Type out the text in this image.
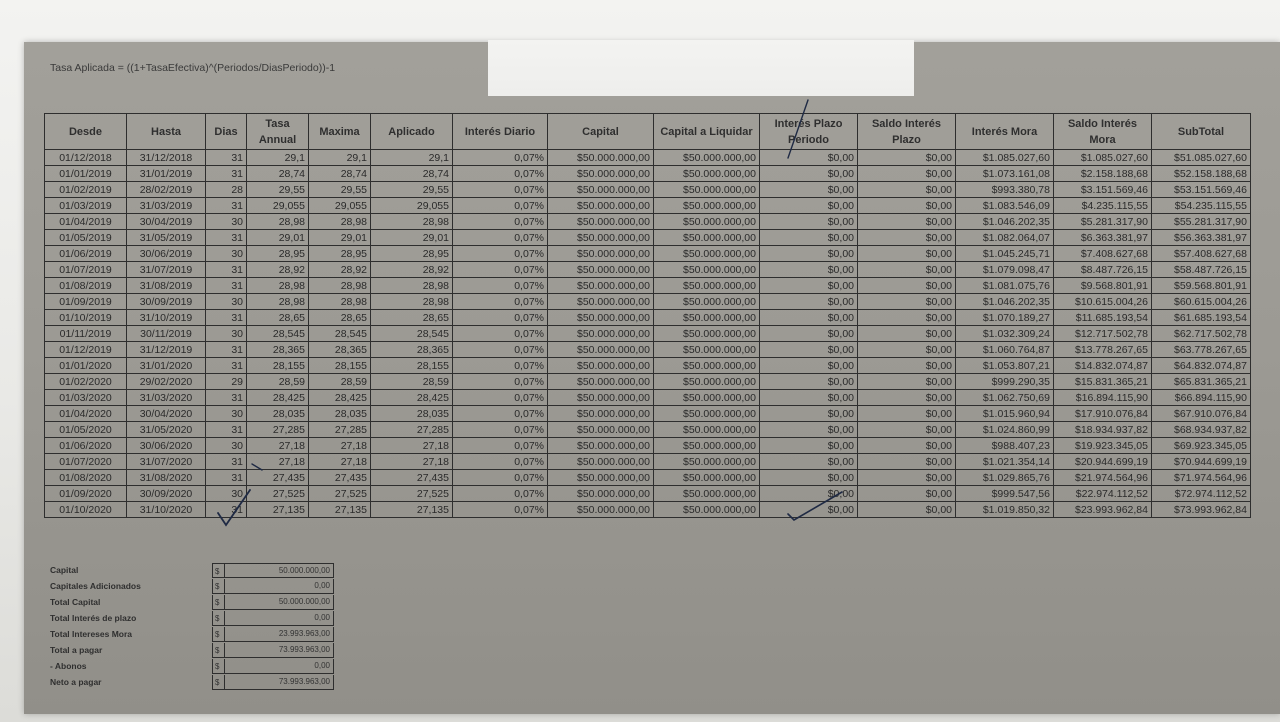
Tasa Aplicada = ((1+TasaEfectiva)^(Periodos/DiasPeriodo))-1
Desde	Hasta	Dias	Tasa Annual	Maxima	Aplicado	Interés Diario	Capital	Capital a Liquidar	Interés Plazo Periodo	Saldo Interés Plazo	Interés Mora	Saldo Interés Mora	SubTotal
01/12/2018	31/12/2018	31	29,1	29,1	29,1	0,07%	$50.000.000,00	$50.000.000,00	$0,00	$0,00	$1.085.027,60	$1.085.027,60	$51.085.027,60
01/01/2019	31/01/2019	31	28,74	28,74	28,74	0,07%	$50.000.000,00	$50.000.000,00	$0,00	$0,00	$1.073.161,08	$2.158.188,68	$52.158.188,68
01/02/2019	28/02/2019	28	29,55	29,55	29,55	0,07%	$50.000.000,00	$50.000.000,00	$0,00	$0,00	$993.380,78	$3.151.569,46	$53.151.569,46
01/03/2019	31/03/2019	31	29,055	29,055	29,055	0,07%	$50.000.000,00	$50.000.000,00	$0,00	$0,00	$1.083.546,09	$4.235.115,55	$54.235.115,55
01/04/2019	30/04/2019	30	28,98	28,98	28,98	0,07%	$50.000.000,00	$50.000.000,00	$0,00	$0,00	$1.046.202,35	$5.281.317,90	$55.281.317,90
01/05/2019	31/05/2019	31	29,01	29,01	29,01	0,07%	$50.000.000,00	$50.000.000,00	$0,00	$0,00	$1.082.064,07	$6.363.381,97	$56.363.381,97
01/06/2019	30/06/2019	30	28,95	28,95	28,95	0,07%	$50.000.000,00	$50.000.000,00	$0,00	$0,00	$1.045.245,71	$7.408.627,68	$57.408.627,68
01/07/2019	31/07/2019	31	28,92	28,92	28,92	0,07%	$50.000.000,00	$50.000.000,00	$0,00	$0,00	$1.079.098,47	$8.487.726,15	$58.487.726,15
01/08/2019	31/08/2019	31	28,98	28,98	28,98	0,07%	$50.000.000,00	$50.000.000,00	$0,00	$0,00	$1.081.075,76	$9.568.801,91	$59.568.801,91
01/09/2019	30/09/2019	30	28,98	28,98	28,98	0,07%	$50.000.000,00	$50.000.000,00	$0,00	$0,00	$1.046.202,35	$10.615.004,26	$60.615.004,26
01/10/2019	31/10/2019	31	28,65	28,65	28,65	0,07%	$50.000.000,00	$50.000.000,00	$0,00	$0,00	$1.070.189,27	$11.685.193,54	$61.685.193,54
01/11/2019	30/11/2019	30	28,545	28,545	28,545	0,07%	$50.000.000,00	$50.000.000,00	$0,00	$0,00	$1.032.309,24	$12.717.502,78	$62.717.502,78
01/12/2019	31/12/2019	31	28,365	28,365	28,365	0,07%	$50.000.000,00	$50.000.000,00	$0,00	$0,00	$1.060.764,87	$13.778.267,65	$63.778.267,65
01/01/2020	31/01/2020	31	28,155	28,155	28,155	0,07%	$50.000.000,00	$50.000.000,00	$0,00	$0,00	$1.053.807,21	$14.832.074,87	$64.832.074,87
01/02/2020	29/02/2020	29	28,59	28,59	28,59	0,07%	$50.000.000,00	$50.000.000,00	$0,00	$0,00	$999.290,35	$15.831.365,21	$65.831.365,21
01/03/2020	31/03/2020	31	28,425	28,425	28,425	0,07%	$50.000.000,00	$50.000.000,00	$0,00	$0,00	$1.062.750,69	$16.894.115,90	$66.894.115,90
01/04/2020	30/04/2020	30	28,035	28,035	28,035	0,07%	$50.000.000,00	$50.000.000,00	$0,00	$0,00	$1.015.960,94	$17.910.076,84	$67.910.076,84
01/05/2020	31/05/2020	31	27,285	27,285	27,285	0,07%	$50.000.000,00	$50.000.000,00	$0,00	$0,00	$1.024.860,99	$18.934.937,82	$68.934.937,82
01/06/2020	30/06/2020	30	27,18	27,18	27,18	0,07%	$50.000.000,00	$50.000.000,00	$0,00	$0,00	$988.407,23	$19.923.345,05	$69.923.345,05
01/07/2020	31/07/2020	31	27,18	27,18	27,18	0,07%	$50.000.000,00	$50.000.000,00	$0,00	$0,00	$1.021.354,14	$20.944.699,19	$70.944.699,19
01/08/2020	31/08/2020	31	27,435	27,435	27,435	0,07%	$50.000.000,00	$50.000.000,00	$0,00	$0,00	$1.029.865,76	$21.974.564,96	$71.974.564,96
01/09/2020	30/09/2020	30	27,525	27,525	27,525	0,07%	$50.000.000,00	$50.000.000,00	$0,00	$0,00	$999.547,56	$22.974.112,52	$72.974.112,52
01/10/2020	31/10/2020	31	27,135	27,135	27,135	0,07%	$50.000.000,00	$50.000.000,00	$0,00	$0,00	$1.019.850,32	$23.993.962,84	$73.993.962,84
Capital	$	50.000.000,00
Capitales Adicionados	$	0,00
Total Capital	$	50.000.000,00
Total Interés de plazo	$	0,00
Total Intereses Mora	$	23.993.963,00
Total a pagar	$	73.993.963,00
- Abonos	$	0,00
Neto a pagar	$	73.993.963,00
